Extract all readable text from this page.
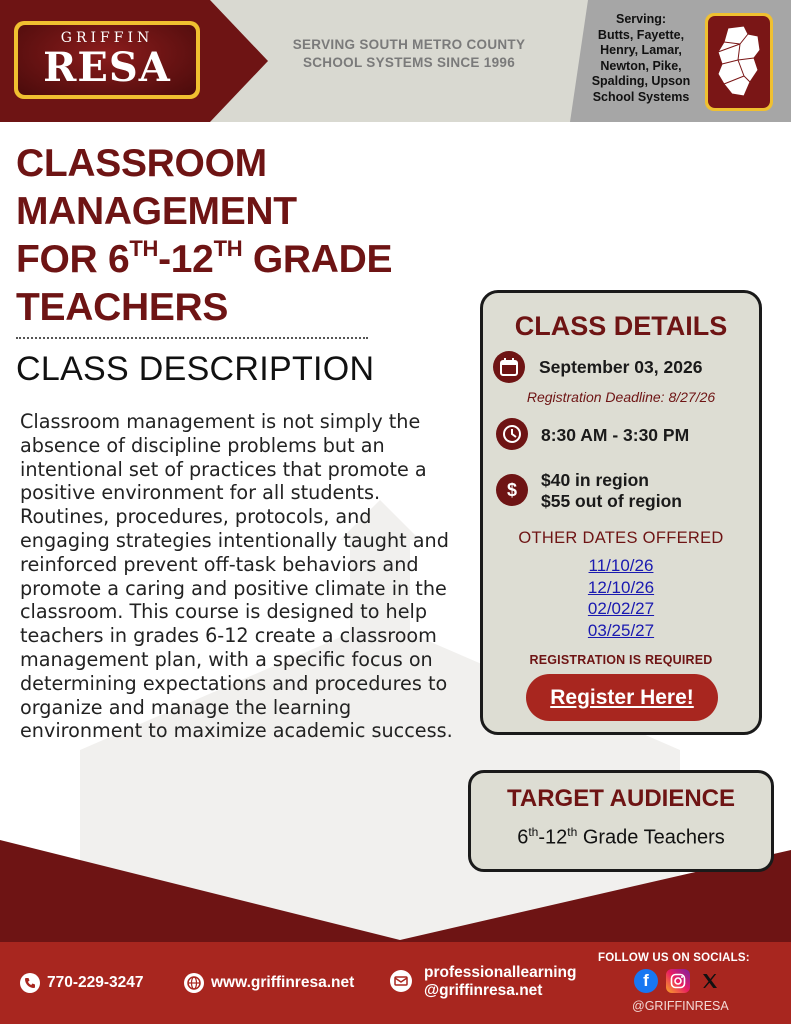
GRIFFIN
RESA	SERVING SOUTH METRO COUNTY
SCHOOL SYSTEMS SINCE 1996
Serving:
Butts, Fayette,
Henry, Lamar,
Newton, Pike,
Spalding, Upson
School Systems
CLASSROOM
MANAGEMENT
FOR 6TH-12TH GRADE
TEACHERS
CLASS DESCRIPTION
Classroom management is not simply the absence of discipline problems but an intentional set of practices that promote a positive environment for all students. Routines, procedures, protocols, and engaging strategies intentionally taught and reinforced prevent off-task behaviors and promote a caring and positive climate in the classroom. This course is designed to help teachers in grades 6-12 create a classroom management plan, with a specific focus on determining expectations and procedures to organize and manage the learning environment to maximize academic success.
CLASS DETAILS
September 03, 2026
Registration Deadline: 8/27/26
8:30 AM - 3:30 PM
$ $40 in region
$55 out of region
OTHER DATES OFFERED
11/10/26
12/10/26
02/02/27
03/25/27
REGISTRATION IS REQUIRED
Register Here!
TARGET AUDIENCE
6th-12th Grade Teachers
770-229-3247	www.griffinresa.net
professionallearning
@griffinresa.net
FOLLOW US ON SOCIALS:
f
@GRIFFINRESA
